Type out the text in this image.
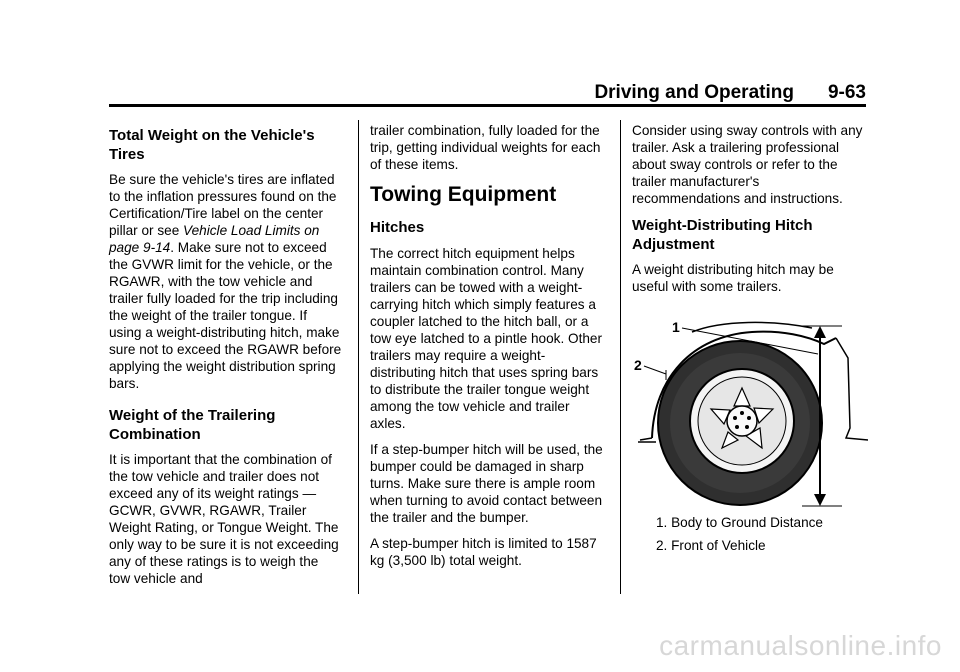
Driving and Operating 9-63
Total Weight on the Vehicle's Tires

Be sure the vehicle's tires are inflated to the inflation pressures found on the Certification/Tire label on the center pillar or see Vehicle Load Limits on page 9-14. Make sure not to exceed the GVWR limit for the vehicle, or the RGAWR, with the tow vehicle and trailer fully loaded for the trip including the weight of the trailer tongue. If using a weight-distributing hitch, make sure not to exceed the RGAWR before applying the weight distribution spring bars.

Weight of the Trailering Combination

It is important that the combination of the tow vehicle and trailer does not exceed any of its weight ratings — GCWR, GVWR, RGAWR, Trailer Weight Rating, or Tongue Weight. The only way to be sure it is not exceeding any of these ratings is to weigh the tow vehicle and

trailer combination, fully loaded for the trip, getting individual weights for each of these items.

Towing Equipment
Hitches

The correct hitch equipment helps maintain combination control. Many trailers can be towed with a weight-carrying hitch which simply features a coupler latched to the hitch ball, or a tow eye latched to a pintle hook. Other trailers may require a weight-distributing hitch that uses spring bars to distribute the trailer tongue weight among the tow vehicle and trailer axles.

If a step-bumper hitch will be used, the bumper could be damaged in sharp turns. Make sure there is ample room when turning to avoid contact between the trailer and the bumper.

A step-bumper hitch is limited to 1587 kg (3,500 lb) total weight.

Consider using sway controls with any trailer. Ask a trailering professional about sway controls or refer to the trailer manufacturer's recommendations and instructions.

Weight-Distributing Hitch Adjustment

A weight distributing hitch may be useful with some trailers.

1
2
1. Body to Ground Distance
2. Front of Vehicle
carmanualsonline.info
